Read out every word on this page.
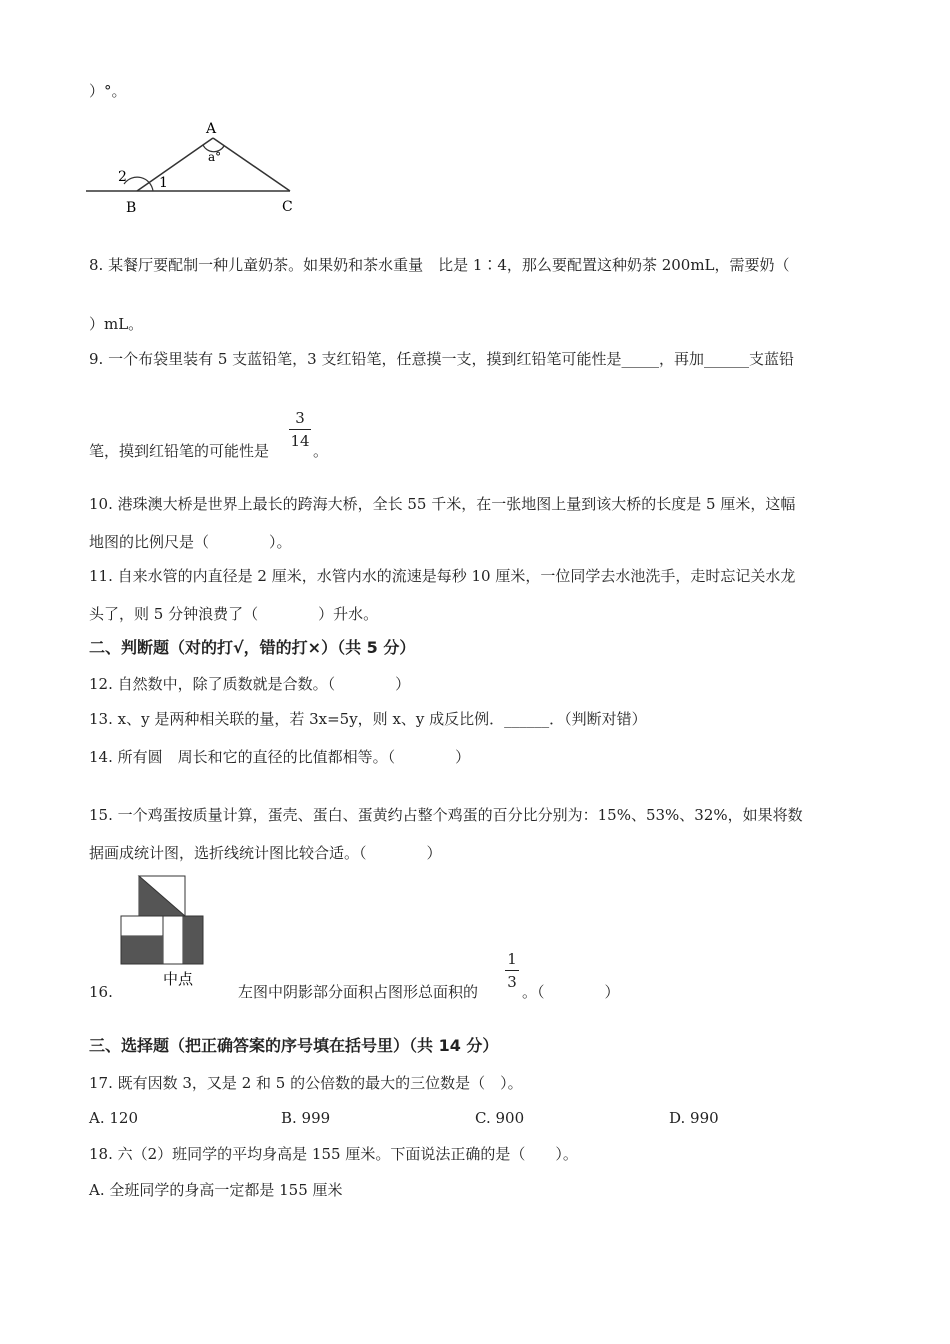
）°。
A
a°
2 1
B	C
8. 某餐厅要配制一种儿童奶茶。如果奶和茶水重量　比是 1∶4，那么要配置这种奶茶 200mL，需要奶（
）mL。
9. 一个布袋里装有 5 支蓝铅笔，3 支红铅笔，任意摸一支，摸到红铅笔可能性是_____，再加______支蓝铅
笔，摸到红铅笔的可能性是
3
14
。
10. 港珠澳大桥是世界上最长的跨海大桥，全长 55 千米，在一张地图上量到该大桥的长度是 5 厘米，这幅
地图的比例尺是（　　　　）。
11. 自来水管的内直径是 2 厘米，水管内水的流速是每秒 10 厘米，一位同学去水池洗手，走时忘记关水龙
头了，则 5 分钟浪费了（　　　　）升水。
二、判断题（对的打√，错的打×）（共 5 分）
12. 自然数中，除了质数就是合数。（　　　　）
13. x、y 是两种相关联的量，若 3x=5y，则 x、y 成反比例．______．（判断对错）
14. 所有圆　周长和它的直径的比值都相等。（　　　　）
15. 一个鸡蛋按质量计算，蛋壳、蛋白、蛋黄约占整个鸡蛋的百分比分别为：15%、53%、32%，如果将数
据画成统计图，选折线统计图比较合适。（　　　　）
中点
16.	左图中阴影部分面积占图形总面积的
1
3
。（　　　　）
三、选择题（把正确答案的序号填在括号里）（共 14 分）
17. 既有因数 3，又是 2 和 5 的公倍数的最大的三位数是（　）。
A. 120	B. 999	C. 900	D. 990
18. 六（2）班同学的平均身高是 155 厘米。下面说法正确的是（　　）。
A. 全班同学的身高一定都是 155 厘米
